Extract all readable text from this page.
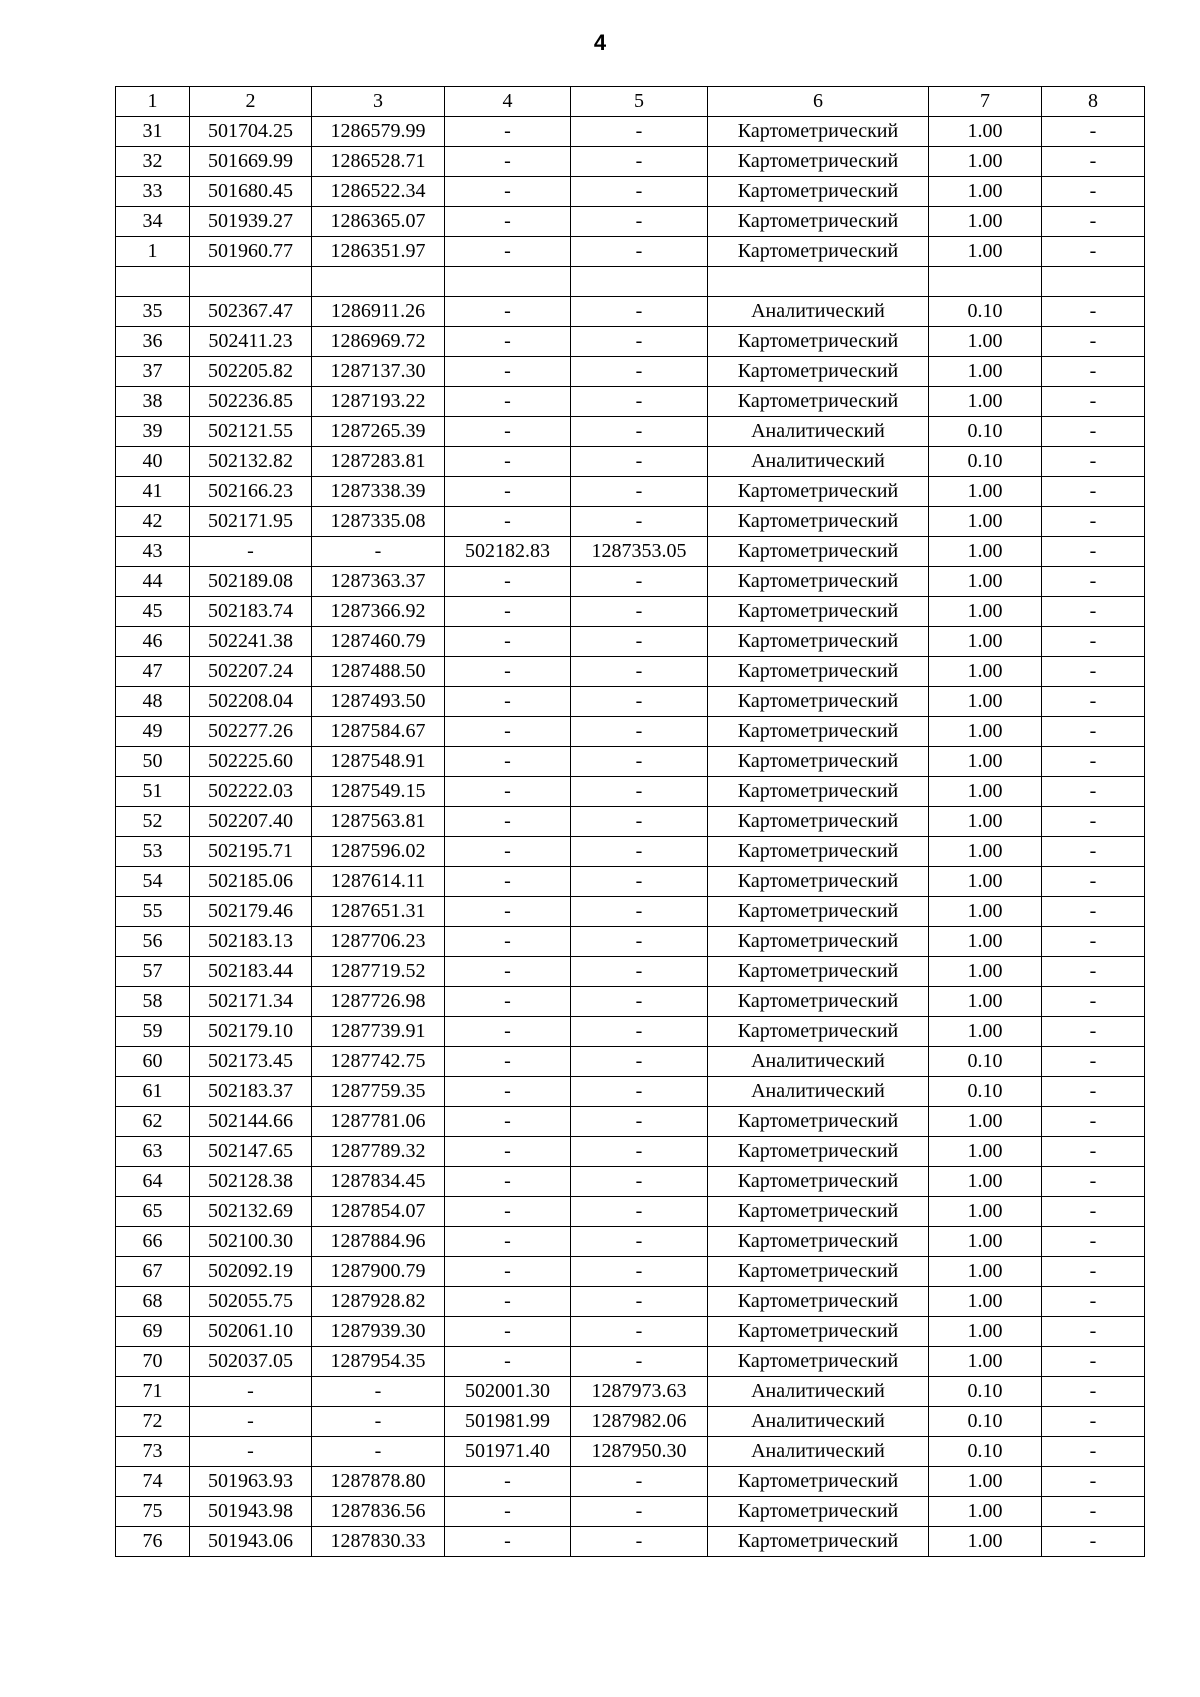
4
1	2	3	4	5	6	7	8
31	501704.25	1286579.99	-	-	Картометрический	1.00	-
32	501669.99	1286528.71	-	-	Картометрический	1.00	-
33	501680.45	1286522.34	-	-	Картометрический	1.00	-
34	501939.27	1286365.07	-	-	Картометрический	1.00	-
1	501960.77	1286351.97	-	-	Картометрический	1.00	-

35	502367.47	1286911.26	-	-	Аналитический	0.10	-
36	502411.23	1286969.72	-	-	Картометрический	1.00	-
37	502205.82	1287137.30	-	-	Картометрический	1.00	-
38	502236.85	1287193.22	-	-	Картометрический	1.00	-
39	502121.55	1287265.39	-	-	Аналитический	0.10	-
40	502132.82	1287283.81	-	-	Аналитический	0.10	-
41	502166.23	1287338.39	-	-	Картометрический	1.00	-
42	502171.95	1287335.08	-	-	Картометрический	1.00	-
43	-	-	502182.83	1287353.05	Картометрический	1.00	-
44	502189.08	1287363.37	-	-	Картометрический	1.00	-
45	502183.74	1287366.92	-	-	Картометрический	1.00	-
46	502241.38	1287460.79	-	-	Картометрический	1.00	-
47	502207.24	1287488.50	-	-	Картометрический	1.00	-
48	502208.04	1287493.50	-	-	Картометрический	1.00	-
49	502277.26	1287584.67	-	-	Картометрический	1.00	-
50	502225.60	1287548.91	-	-	Картометрический	1.00	-
51	502222.03	1287549.15	-	-	Картометрический	1.00	-
52	502207.40	1287563.81	-	-	Картометрический	1.00	-
53	502195.71	1287596.02	-	-	Картометрический	1.00	-
54	502185.06	1287614.11	-	-	Картометрический	1.00	-
55	502179.46	1287651.31	-	-	Картометрический	1.00	-
56	502183.13	1287706.23	-	-	Картометрический	1.00	-
57	502183.44	1287719.52	-	-	Картометрический	1.00	-
58	502171.34	1287726.98	-	-	Картометрический	1.00	-
59	502179.10	1287739.91	-	-	Картометрический	1.00	-
60	502173.45	1287742.75	-	-	Аналитический	0.10	-
61	502183.37	1287759.35	-	-	Аналитический	0.10	-
62	502144.66	1287781.06	-	-	Картометрический	1.00	-
63	502147.65	1287789.32	-	-	Картометрический	1.00	-
64	502128.38	1287834.45	-	-	Картометрический	1.00	-
65	502132.69	1287854.07	-	-	Картометрический	1.00	-
66	502100.30	1287884.96	-	-	Картометрический	1.00	-
67	502092.19	1287900.79	-	-	Картометрический	1.00	-
68	502055.75	1287928.82	-	-	Картометрический	1.00	-
69	502061.10	1287939.30	-	-	Картометрический	1.00	-
70	502037.05	1287954.35	-	-	Картометрический	1.00	-
71	-	-	502001.30	1287973.63	Аналитический	0.10	-
72	-	-	501981.99	1287982.06	Аналитический	0.10	-
73	-	-	501971.40	1287950.30	Аналитический	0.10	-
74	501963.93	1287878.80	-	-	Картометрический	1.00	-
75	501943.98	1287836.56	-	-	Картометрический	1.00	-
76	501943.06	1287830.33	-	-	Картометрический	1.00	-
